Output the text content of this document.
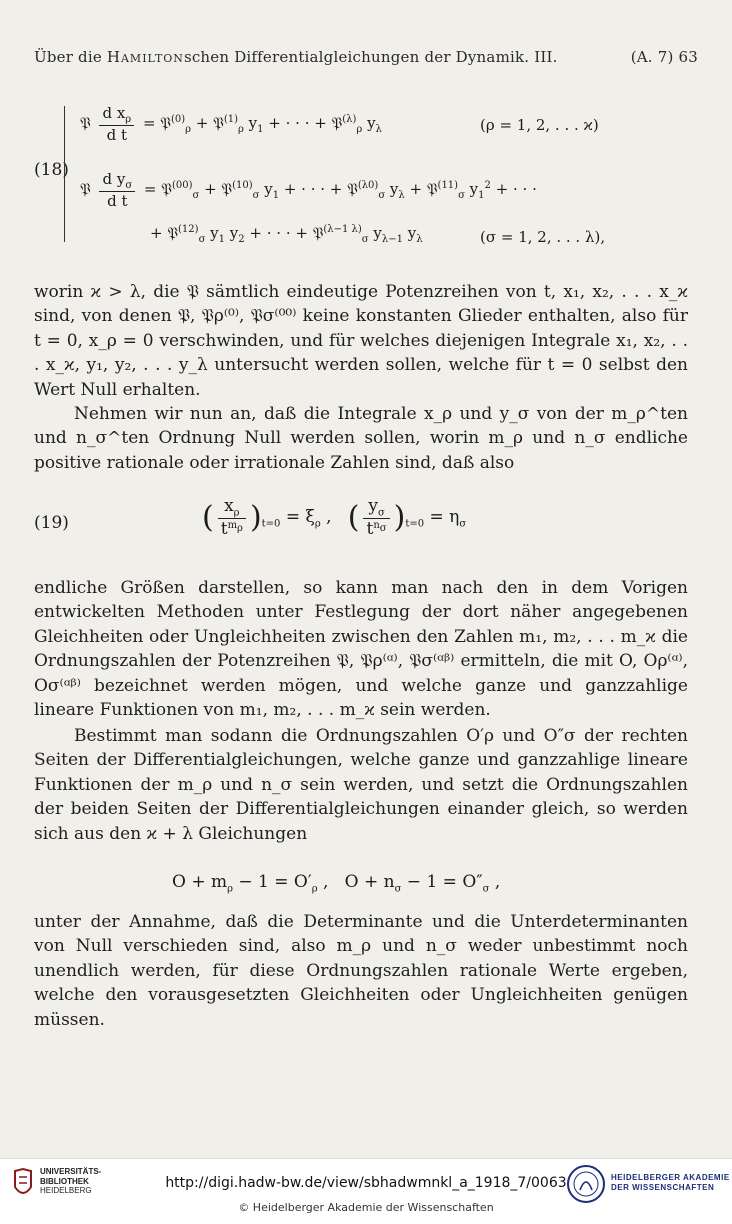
Über die Hamiltonschen Differentialgleichungen der Dynamik. III.	(A. 7) 63
(18)
𝔓 $\frac{d x_\rho}{\text{d t}}$ = 𝔓$^{(0)}_\rho$ + 𝔓$^{(1)}_\rho$ $y_1$ + · · · + 𝔓$^{(\lambda)}_\rho$ $y_\lambda$	(ρ = 1, 2, . . . ϰ)
𝔓 $\frac{d y_\sigma}{\text{d t}}$ = 𝔓$^{(00)}_\sigma$ + 𝔓$^{(10)}_\sigma$ $y_1$ + · · · + 𝔓$^{(\lambda 0)}_\sigma$ $y_\lambda$ + 𝔓$^{(11)}_\sigma$ $y_1^2$ + · · ·
+ 𝔓$^{(12)}_\sigma$ $y_1$ $y_2$ + · · · + 𝔓$^{(\lambda-1 \lambda)}_\sigma$ $y_{\lambda-1}$ $y_\lambda$	(σ = 1, 2, . . . λ),

worin ϰ > λ, die 𝔓 sämtlich eindeutige Potenzreihen von t, x₁, x₂, . . . x_ϰ sind, von denen 𝔓, 𝔓ρ⁽⁰⁾, 𝔓σ⁽⁰⁰⁾ keine konstanten Glieder enthalten, also für t = 0, x_ρ = 0 verschwinden, und für welches diejenigen Integrale x₁, x₂, . . . x_ϰ, y₁, y₂, . . . y_λ untersucht werden sollen, welche für t = 0 selbst den Wert Null erhalten.

Nehmen wir nun an, daß die Integrale x_ρ und y_σ von der m_ρ^ten und n_σ^ten Ordnung Null werden sollen, worin m_ρ und n_σ endliche positive rationale oder irrationale Zahlen sind, daß also

(19)	( $\frac{x_\rho}{t^{m_\rho}} )_{t=0} = \xi_\rho$ ,   ( $\frac{y_\sigma}{t^{n_\sigma}} )_{t=0} = \eta_\sigma$

endliche Größen darstellen, so kann man nach den in dem Vorigen entwickelten Methoden unter Festlegung der dort näher angegebenen Gleichheiten oder Ungleichheiten zwischen den Zahlen m₁, m₂, . . . m_ϰ die Ordnungszahlen der Potenzreihen 𝔓, 𝔓ρ⁽ᵅ⁾, 𝔓σ⁽ᵅᵝ⁾ ermitteln, die mit O, Oρ⁽ᵅ⁾, Oσ⁽ᵅᵝ⁾ bezeichnet werden mögen, und welche ganze und ganzzahlige lineare Funktionen von m₁, m₂, . . . m_ϰ sein werden.

Bestimmt man sodann die Ordnungszahlen O′ρ und O″σ der rechten Seiten der Differentialgleichungen, welche ganze und ganzzahlige lineare Funktionen der m_ρ und n_σ sein werden, und setzt die Ordnungszahlen der beiden Seiten der Differentialgleichungen einander gleich, so werden sich aus den ϰ + λ Gleichungen

$O + m_\rho - 1 = O'_\rho$ ,   $O + n_\sigma - 1 = O''_\sigma$ ,

unter der Annahme, daß die Determinante und die Unterdeterminanten von Null verschieden sind, also m_ρ und n_σ weder unbestimmt noch unendlich werden, für diese Ordnungszahlen rationale Werte ergeben, welche den vorausgesetzten Gleichheiten oder Ungleichheiten genügen müssen.

UNIVERSITÄTS-
BIBLIOTHEK
HEIDELBERG	http://digi.hadw-bw.de/view/sbhadwmnkl_a_1918_7/0063
© Heidelberger Akademie der Wissenschaften
HEIDELBERGER AKADEMIE
DER WISSENSCHAFTEN
